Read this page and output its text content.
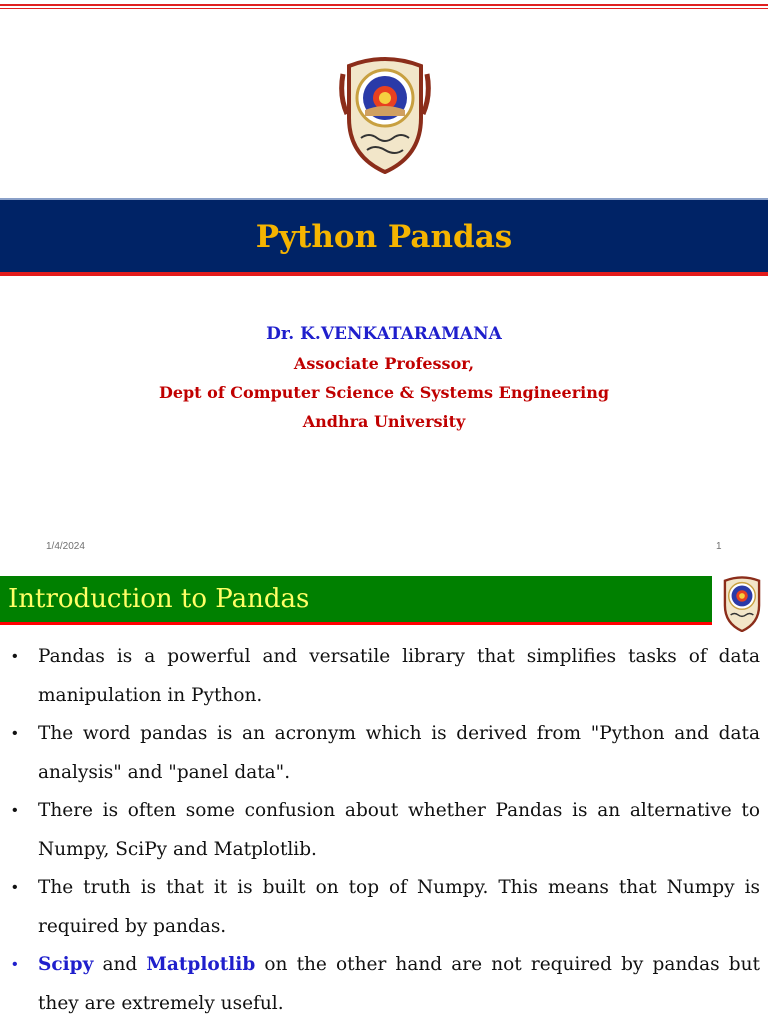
Python Pandas
Dr. K.VENKATARAMANA
Associate Professor,
Dept of Computer Science & Systems Engineering
Andhra University
1/4/2024	1
Introduction to Pandas
• Pandas is a powerful and versatile library that simplifies tasks of data manipulation in Python.
• The word pandas is an acronym which is derived from "Python and data analysis" and "panel data".
• There is often some confusion about whether Pandas is an alternative to Numpy, SciPy and Matplotlib.
• The truth is that it is built on top of Numpy. This means that Numpy is required by pandas.
• Scipy and Matplotlib on the other hand are not required by pandas but they are extremely useful.
